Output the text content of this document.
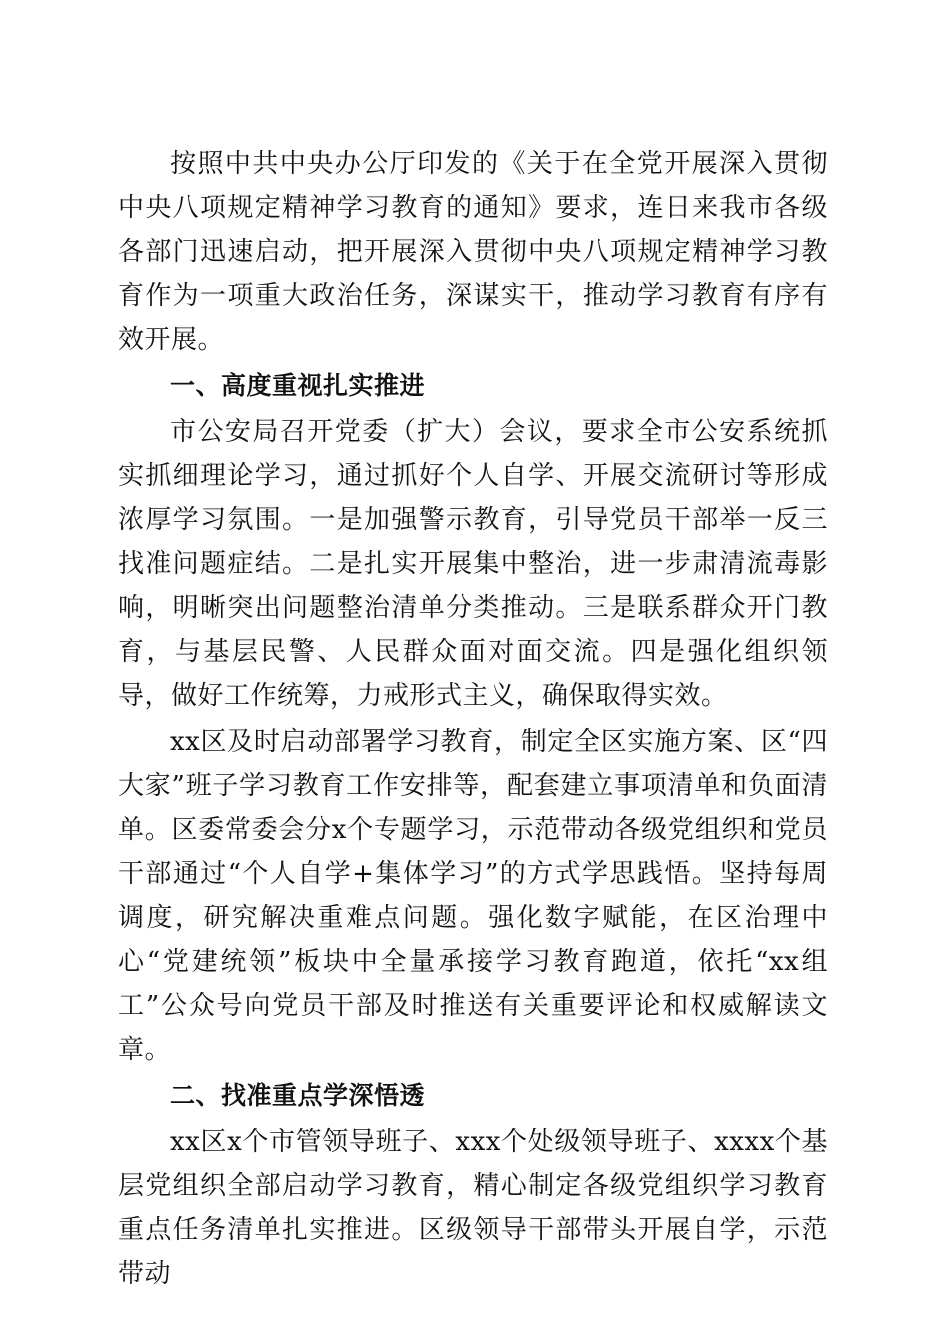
按照中共中央办公厅印发的《关于在全党开展深入贯彻中央八项规定精神学习教育的通知》要求，连日来我市各级各部门迅速启动，把开展深入贯彻中央八项规定精神学习教育作为一项重大政治任务，深谋实干，推动学习教育有序有效开展。

一、高度重视扎实推进

市公安局召开党委（扩大）会议，要求全市公安系统抓实抓细理论学习，通过抓好个人自学、开展交流研讨等形成浓厚学习氛围。一是加强警示教育，引导党员干部举一反三找准问题症结。二是扎实开展集中整治，进一步肃清流毒影响，明晰突出问题整治清单分类推动。三是联系群众开门教育，与基层民警、人民群众面对面交流。四是强化组织领导，做好工作统筹，力戒形式主义，确保取得实效。

xx区及时启动部署学习教育，制定全区实施方案、区“四大家”班子学习教育工作安排等，配套建立事项清单和负面清单。区委常委会分x个专题学习，示范带动各级党组织和党员干部通过“个人自学+集体学习”的方式学思践悟。坚持每周调度，研究解决重难点问题。强化数字赋能，在区治理中心“党建统领”板块中全量承接学习教育跑道，依托“xx组工”公众号向党员干部及时推送有关重要评论和权威解读文章。

二、找准重点学深悟透

xx区x个市管领导班子、xxx个处级领导班子、xxxx个基层党组织全部启动学习教育，精心制定各级党组织学习教育重点任务清单扎实推进。区级领导干部带头开展自学，示范带动
